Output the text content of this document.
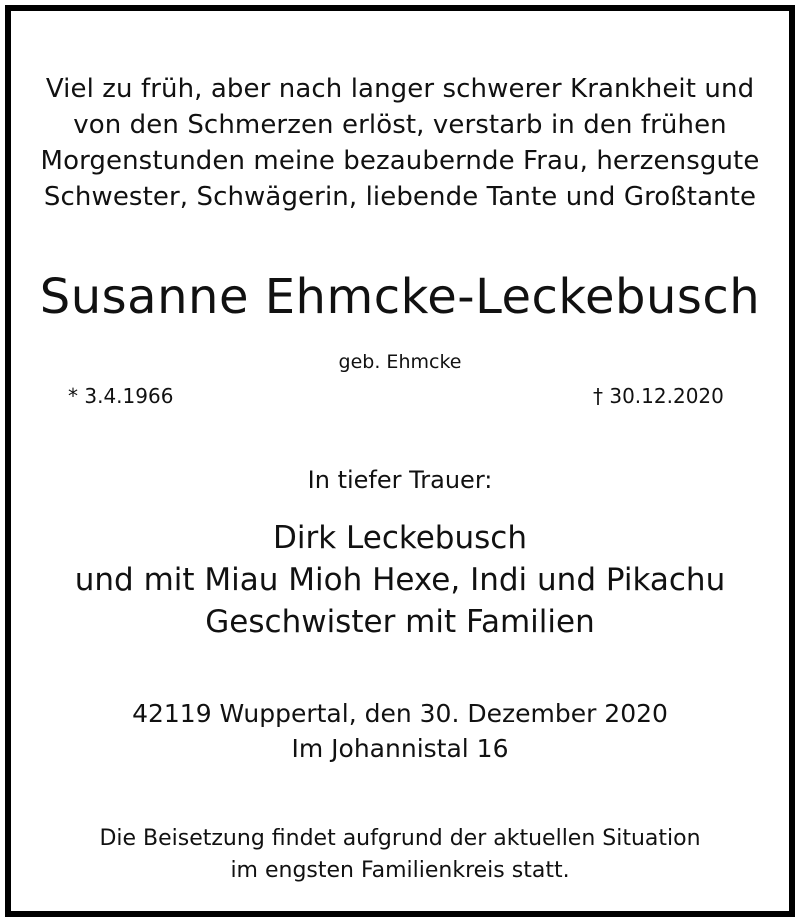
Viel zu früh, aber nach langer schwerer Krankheit und
von den Schmerzen erlöst, verstarb in den frühen
Morgenstunden meine bezaubernde Frau, herzensgute
Schwester, Schwägerin, liebende Tante und Großtante
Susanne Ehmcke-Leckebusch
geb. Ehmcke
* 3.4.1966	† 30.12.2020
In tiefer Trauer:
Dirk Leckebusch
und mit Miau Mioh Hexe, Indi und Pikachu
Geschwister mit Familien
42119 Wuppertal, den 30. Dezember 2020
Im Johannistal 16
Die Beisetzung findet aufgrund der aktuellen Situation
im engsten Familienkreis statt.
